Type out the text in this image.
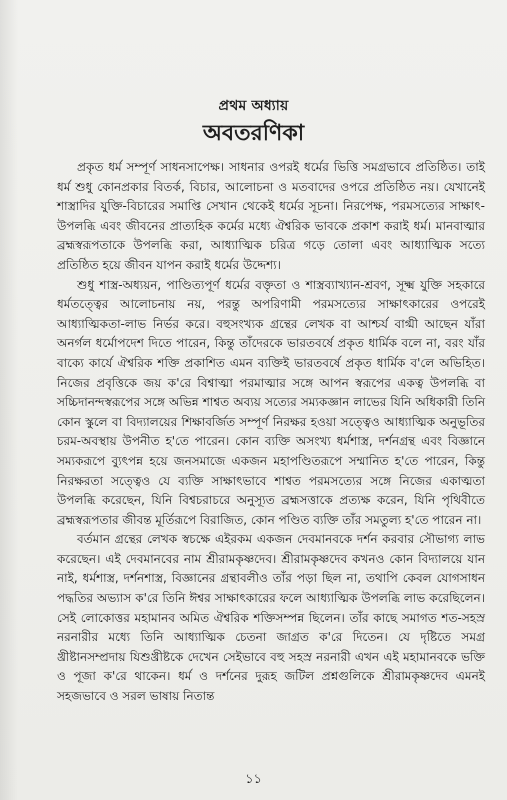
প্রথম অধ্যায়
অবতরণিকা

প্রকৃত ধর্ম সম্পূর্ণ সাধনসাপেক্ষ। সাধনার ওপরই ধর্মের ভিত্তি সমগ্রভাবে প্রতিষ্ঠিত। তাই ধর্ম শুধু কোনপ্রকার বিতর্ক, বিচার, আলোচনা ও মতবাদের ওপরে প্রতিষ্ঠিত নয়। যেখানেই শাস্ত্রাদির যুক্তি-বিচারের সমাপ্তি সেখান থেকেই ধর্মের সূচনা। নিরপেক্ষ, পরমসত্যের সাক্ষাৎ-উপলব্ধি এবং জীবনের প্রাত্যহিক কর্মের মধ্যে ঐশ্বরিক ভাবকে প্রকাশ করাই ধর্ম। মানবাত্মার ব্রহ্মস্বরূপতাকে উপলব্ধি করা, আধ্যাত্মিক চরিত্র গড়ে তোলা এবং আধ্যাত্মিক সত্যে প্রতিষ্ঠিত হয়ে জীবন যাপন করাই ধর্মের উদ্দেশ্য।

শুধু শাস্ত্র-অধ্যয়ন, পাণ্ডিত্যপূর্ণ ধর্মের বক্তৃতা ও শাস্ত্রব্যাখ্যান-শ্রবণ, সূক্ষ্ম যুক্তি সহকারে ধর্মতত্ত্বের আলোচনায় নয়, পরন্তু অপরিণামী পরমসত্যের সাক্ষাৎকারের ওপরেই আধ্যাত্মিকতা-লাভ নির্ভর করে। বহুসংখ্যক গ্রন্থের লেখক বা আশ্চর্য বাগ্মী আছেন যাঁরা অনর্গল ধর্মোপদেশ দিতে পারেন, কিন্তু তাঁদেরকে ভারতবর্ষে প্রকৃত ধার্মিক বলে না, বরং যাঁর বাক্যে কার্যে ঐশ্বরিক শক্তি প্রকাশিত এমন ব্যক্তিই ভারতবর্ষে প্রকৃত ধার্মিক ব'লে অভিহিত। নিজের প্রবৃত্তিকে জয় ক'রে বিশ্বাত্মা পরমাত্মার সঙ্গে আপন স্বরূপের একত্ব উপলব্ধি বা সচ্চিদানন্দস্বরূপের সঙ্গে অভিন্ন শাশ্বত অব্যয় সত্যের সম্যকজ্ঞান লাভের যিনি অধিকারী তিনি কোন স্কুলে বা বিদ্যালয়ের শিক্ষাবর্জিত সম্পূর্ণ নিরক্ষর হওয়া সত্ত্বেও আধ্যাত্মিক অনুভূতির চরম-অবস্থায় উপনীত হ'তে পারেন। কোন ব্যক্তি অসংখ্য ধর্মশাস্ত্র, দর্শনগ্রন্থ এবং বিজ্ঞানে সম্যকরূপে ব্যুৎপন্ন হয়ে জনসমাজে একজন মহাপণ্ডিতরূপে সম্মানিত হ'তে পারেন, কিন্তু নিরক্ষরতা সত্ত্বেও যে ব্যক্তি সাক্ষাৎভাবে শাশ্বত পরমসত্যের সঙ্গে নিজের একাত্মতা উপলব্ধি করেছেন, যিনি বিশ্বচরাচরে অনুস্যূত ব্রহ্মসত্তাকে প্রত্যক্ষ করেন, যিনি পৃথিবীতে ব্রহ্মস্বরূপতার জীবন্ত মূর্তিরূপে বিরাজিত, কোন পণ্ডিত ব্যক্তি তাঁর সমতুল্য হ'তে পারেন না।

বর্তমান গ্রন্থের লেখক স্বচক্ষে এইরকম একজন দেবমানবকে দর্শন করবার সৌভাগ্য লাভ করেছেন। এই দেবমানবের নাম শ্রীরামকৃষ্ণদেব। শ্রীরামকৃষ্ণদেব কখনও কোন বিদ্যালয়ে যান নাই, ধর্মশাস্ত্র, দর্শনশাস্ত্র, বিজ্ঞানের গ্রন্থাবলীও তাঁর পড়া ছিল না, তথাপি কেবল যোগসাধন পদ্ধতির অভ্যাস ক'রে তিনি ঈশ্বর সাক্ষাৎকারের ফলে আধ্যাত্মিক উপলব্ধি লাভ করেছিলেন। সেই লোকোত্তর মহামানব অমিত ঐশ্বরিক শক্তিসম্পন্ন ছিলেন। তাঁর কাছে সমাগত শত-সহস্র নরনারীর মধ্যে তিনি আধ্যাত্মিক চেতনা জাগ্রত ক'রে দিতেন। যে দৃষ্টিতে সমগ্র খ্রীষ্টানসম্প্রদায় যিশুখ্রীষ্টকে দেখেন সেইভাবে বহু সহস্র নরনারী এখন এই মহামানবকে ভক্তি ও পূজা ক'রে থাকেন। ধর্ম ও দর্শনের দুরূহ জটিল প্রশ্নগুলিকে শ্রীরামকৃষ্ণদেব এমনই সহজভাবে ও সরল ভাষায় নিতান্ত

১১
